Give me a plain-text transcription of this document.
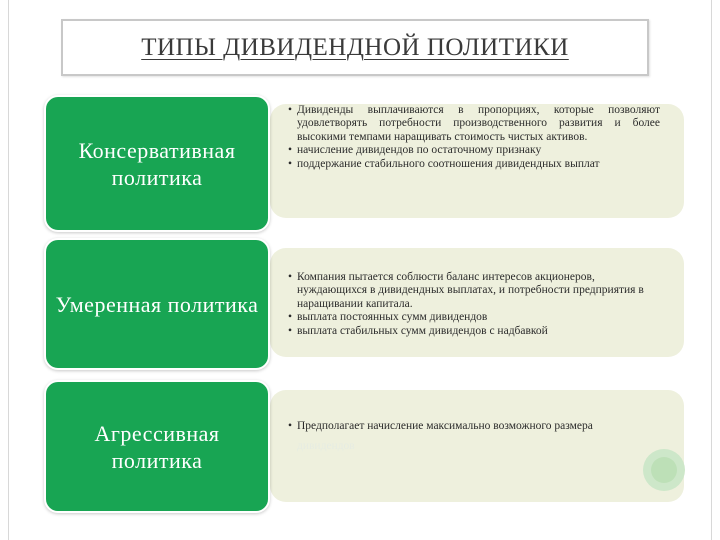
ТИПЫ ДИВИДЕНДНОЙ ПОЛИТИКИ
• Дивиденды выплачиваются в пропорциях, которые позволяют удовлетворять потребности производственного развития и более высокими темпами наращивать стоимость чистых активов.
• начисление дивидендов по остаточному признаку
• поддержание стабильного соотношения дивидендных выплат
Консервативная политика
• Компания пытается соблюсти баланс интересов акционеров, нуждающихся в дивидендных выплатах, и потребности предприятия в наращивании капитала.
• выплата постоянных сумм дивидендов
• выплата стабильных сумм дивидендов с надбавкой
Умеренная политика
• Предполагает начисление максимально возможного размера дивидендов
Агрессивная политика
